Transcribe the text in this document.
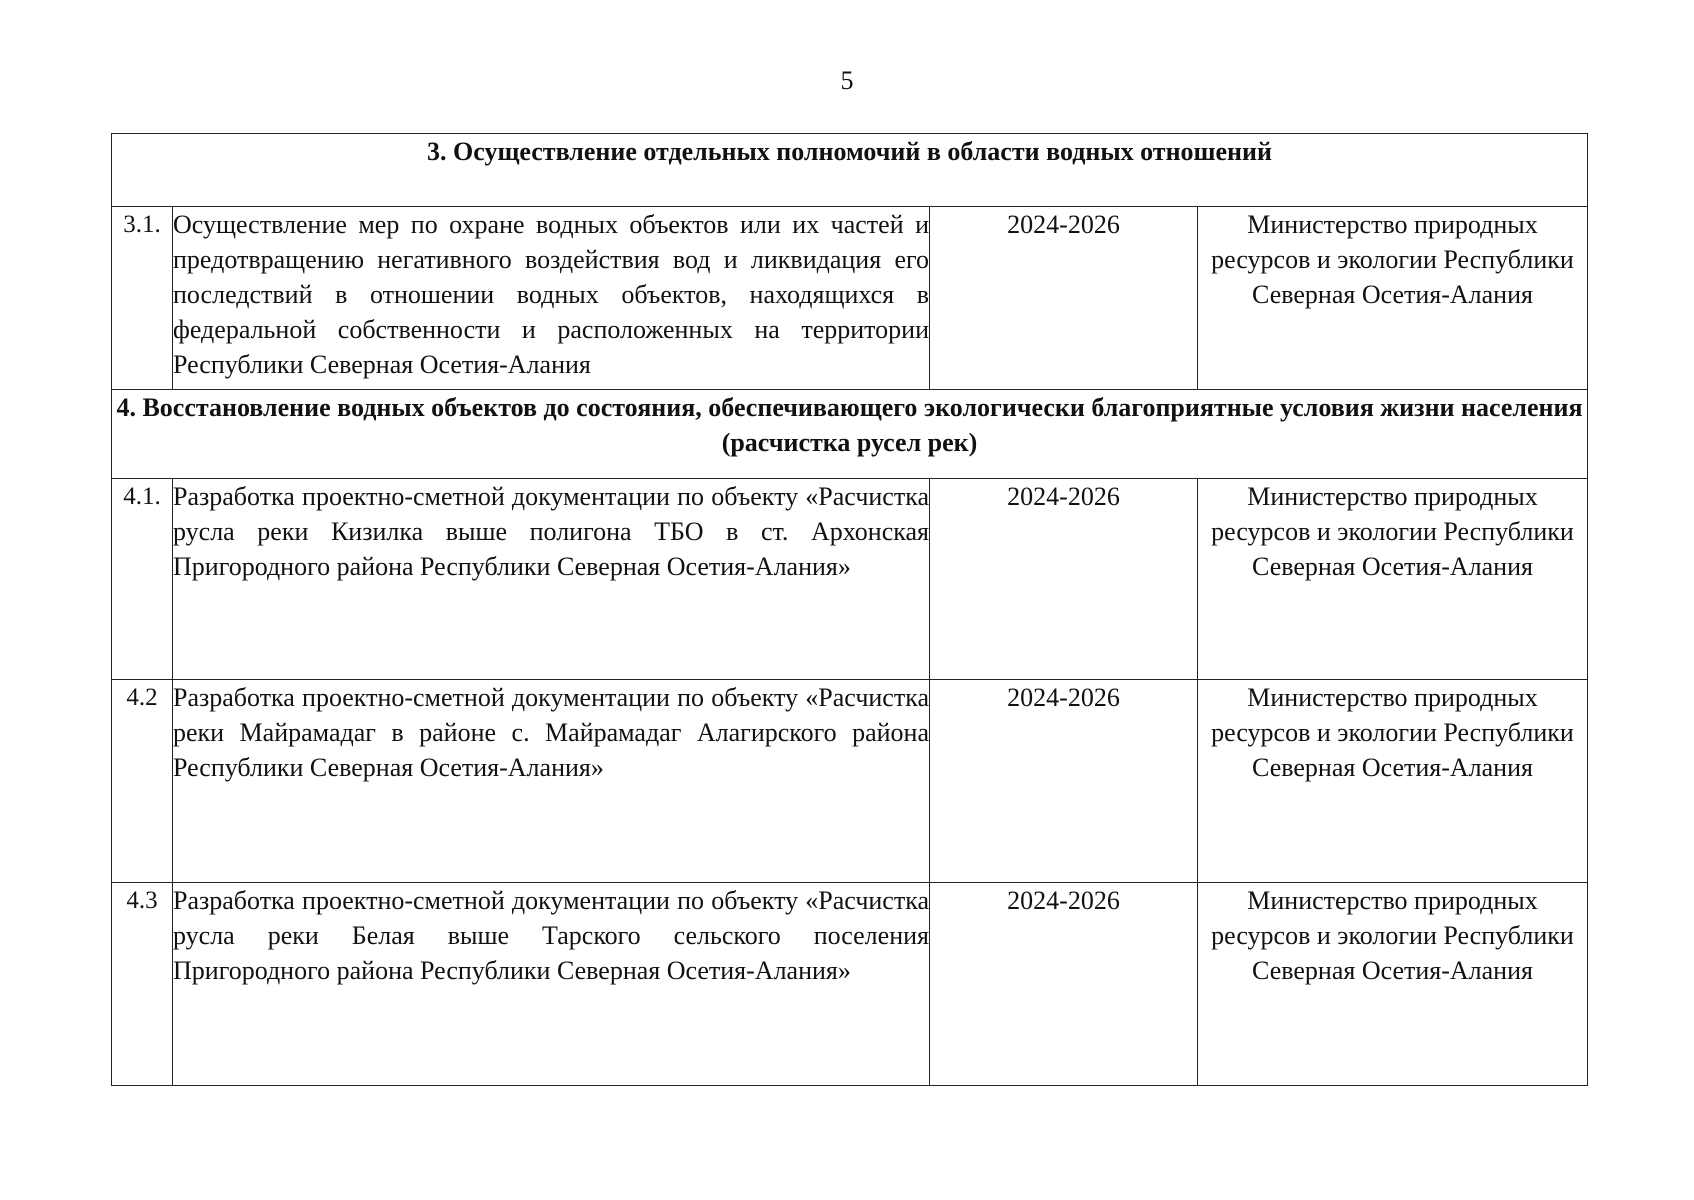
5
3. Осуществление отдельных полномочий в области водных отношений			
3.1.	Осуществление мер по охране водных объектов или их частей и предотвращению негативного воздействия вод и ликвидация его последствий в отношении водных объектов, находящихся в федеральной собственности и расположенных на территории Республики Северная Осетия-Алания	2024-2026	Министерство природных ресурсов и экологии Республики Северная Осетия-Алания
4. Восстановление водных объектов до состояния, обеспечивающего экологически благоприятные условия жизни населения (расчистка русел рек)			
4.1.	Разработка проектно-сметной документации по объекту «Расчистка русла реки Кизилка выше полигона ТБО в ст. Архонская Пригородного района Республики Северная Осетия-Алания»	2024-2026	Министерство природных ресурсов и экологии Республики Северная Осетия-Алания
4.2	Разработка проектно-сметной документации по объекту «Расчистка реки Майрамадаг в районе с. Майрамадаг Алагирского района Республики Северная Осетия-Алания»	2024-2026	Министерство природных ресурсов и экологии Республики Северная Осетия-Алания
4.3	Разработка проектно-сметной документации по объекту «Расчистка русла реки Белая выше Тарского сельского поселения Пригородного района Республики Северная Осетия-Алания»	2024-2026	Министерство природных ресурсов и экологии Республики Северная Осетия-Алания
